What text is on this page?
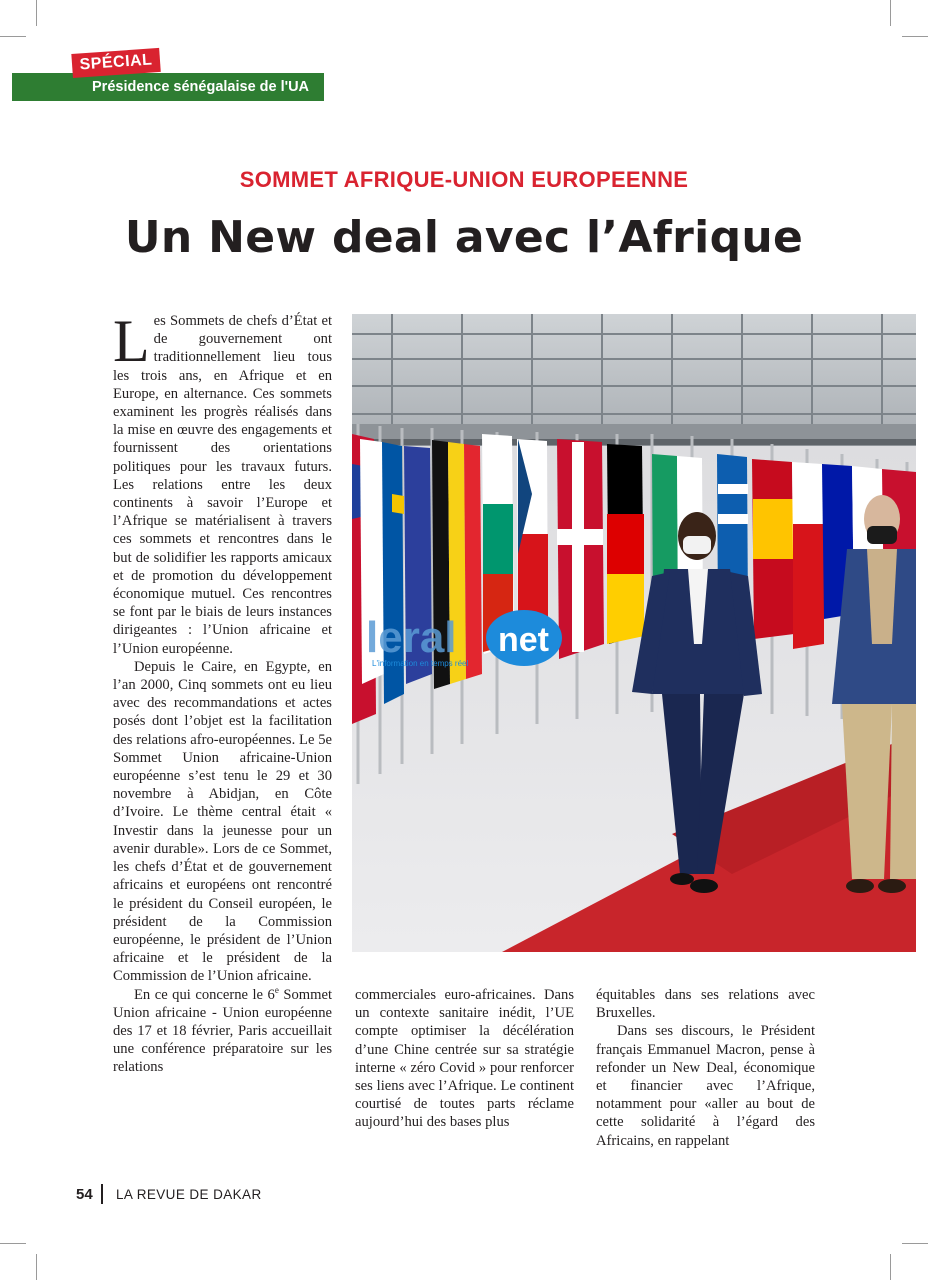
SPÉCIAL
Présidence sénégalaise de l'UA
SOMMET AFRIQUE-UNION EUROPEENNE
Un New deal avec l’Afrique

Les Sommets de chefs d’État et de gouvernement ont traditionnellement lieu tous les trois ans, en Afrique et en Europe, en alternance. Ces sommets examinent les progrès réalisés dans la mise en œuvre des engagements et fournissent des orientations politiques pour les travaux futurs. Les relations entre les deux continents à savoir l’Europe et l’Afrique se matérialisent à travers ces sommets et rencontres dans le but de solidifier les rapports amicaux et de promotion du développement économique mutuel. Ces rencontres se font par le biais de leurs instances dirigeantes : l’Union africaine et l’Union européenne.

Depuis le Caire, en Egypte, en l’an 2000, Cinq sommets ont eu lieu avec des recommandations et actes posés dont l’objet est la facilitation des relations afro-européennes. Le 5e Sommet Union africaine-Union européenne s’est tenu le 29 et 30 novembre à Abidjan, en Côte d’Ivoire. Le thème central était « Investir dans la jeunesse pour un avenir durable». Lors de ce Sommet, les chefs d’État et de gouvernement africains et européens ont rencontré le président du Conseil européen, le président de la Commission européenne, le président de l’Union africaine et le président de la Commission de l’Union africaine.

En ce qui concerne le 6e Sommet Union africaine - Union européenne des 17 et 18 février, Paris accueillait une conférence préparatoire sur les relations

commerciales euro-africaines. Dans un contexte sanitaire inédit, l’UE compte optimiser la décélération d’une Chine centrée sur sa stratégie interne « zéro Covid » pour renforcer ses liens avec l’Afrique. Le continent courtisé de toutes parts réclame aujourd’hui des bases plus

équitables dans ses relations avec Bruxelles.

Dans ses discours, le Président français Emmanuel Macron, pense à refonder un New Deal, économique et financier avec l’Afrique, notamment pour «aller au bout de cette solidarité à l’égard des Africains, en rappelant

leral net
L'information en temps réel
54 LA REVUE DE DAKAR
